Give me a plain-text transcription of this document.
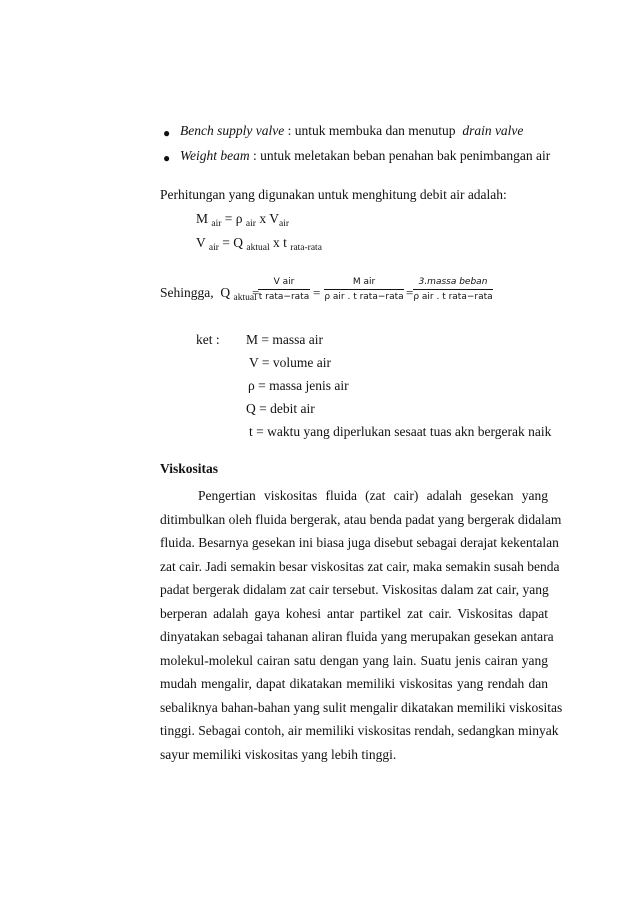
● Bench supply valve : untuk membuka dan menutup drain valve
● Weight beam : untuk meletakan beban penahan bak penimbangan air
Perhitungan yang digunakan untuk menghitung debit air adalah:
M $_{air}$ = ρ $_{air}$ x $V_{air}$
V $_{air}$ = Q $_{aktual}$ x t $_{rata-rata}$
Sehingga, Q $_{aktual}$
=
V air
t rata−rata =
M air
ρ air . t rata−rata =
3.massa beban
ρ air . t rata−rata
ket : M = massa air
V = volume air
ρ = massa jenis air
Q = debit air
t = waktu yang diperlukan sesaat tuas akn bergerak naik
Viskositas
Pengertian viskositas fluida (zat cair) adalah gesekan yang
ditimbulkan oleh fluida bergerak, atau benda padat yang bergerak didalam
fluida. Besarnya gesekan ini biasa juga disebut sebagai derajat kekentalan
zat cair. Jadi semakin besar viskositas zat cair, maka semakin susah benda
padat bergerak didalam zat cair tersebut. Viskositas dalam zat cair, yang
berperan adalah gaya kohesi antar partikel zat cair. Viskositas dapat
dinyatakan sebagai tahanan aliran fluida yang merupakan gesekan antara
molekul-molekul cairan satu dengan yang lain. Suatu jenis cairan yang
mudah mengalir, dapat dikatakan memiliki viskositas yang rendah dan
sebaliknya bahan-bahan yang sulit mengalir dikatakan memiliki viskositas
tinggi. Sebagai contoh, air memiliki viskositas rendah, sedangkan minyak
sayur memiliki viskositas yang lebih tinggi.
